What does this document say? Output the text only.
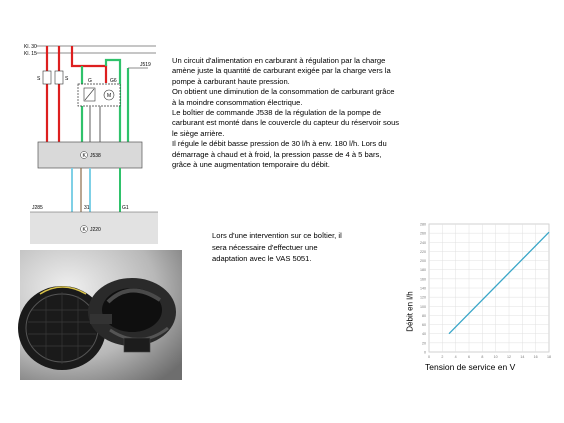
Kl. 30
Kl. 15
S	S
J519
M
G	G6
K J538
J285	31	G1
K J220
Un circuit d'alimentation en carburant à régulation par la charge
amène juste la quantité de carburant exigée par la charge vers la
pompe à carburant haute pression.
On obtient une diminution de la consommation de carburant grâce
à la moindre consommation électrique.
Le boîtier de commande J538 de la régulation de la pompe de
carburant est monté dans le couvercle du capteur du réservoir sous
le siège arrière.
Il régule le débit basse pression de 30 l/h à env. 180 l/h. Lors du
démarrage à chaud et à froid, la pression passe de 4 à 5 bars,
grâce à une augmentation temporaire du débit.
Lors d'une intervention sur ce boîtier, il
sera nécessaire d'effectuer une
adaptation avec le VAS 5051.
0
20
40
60
80
100
120
140
160
180
200
220
240
260
280
0	2	4	6	8	10	12	14	16	18
Débit en l/h
Tension de service en V
